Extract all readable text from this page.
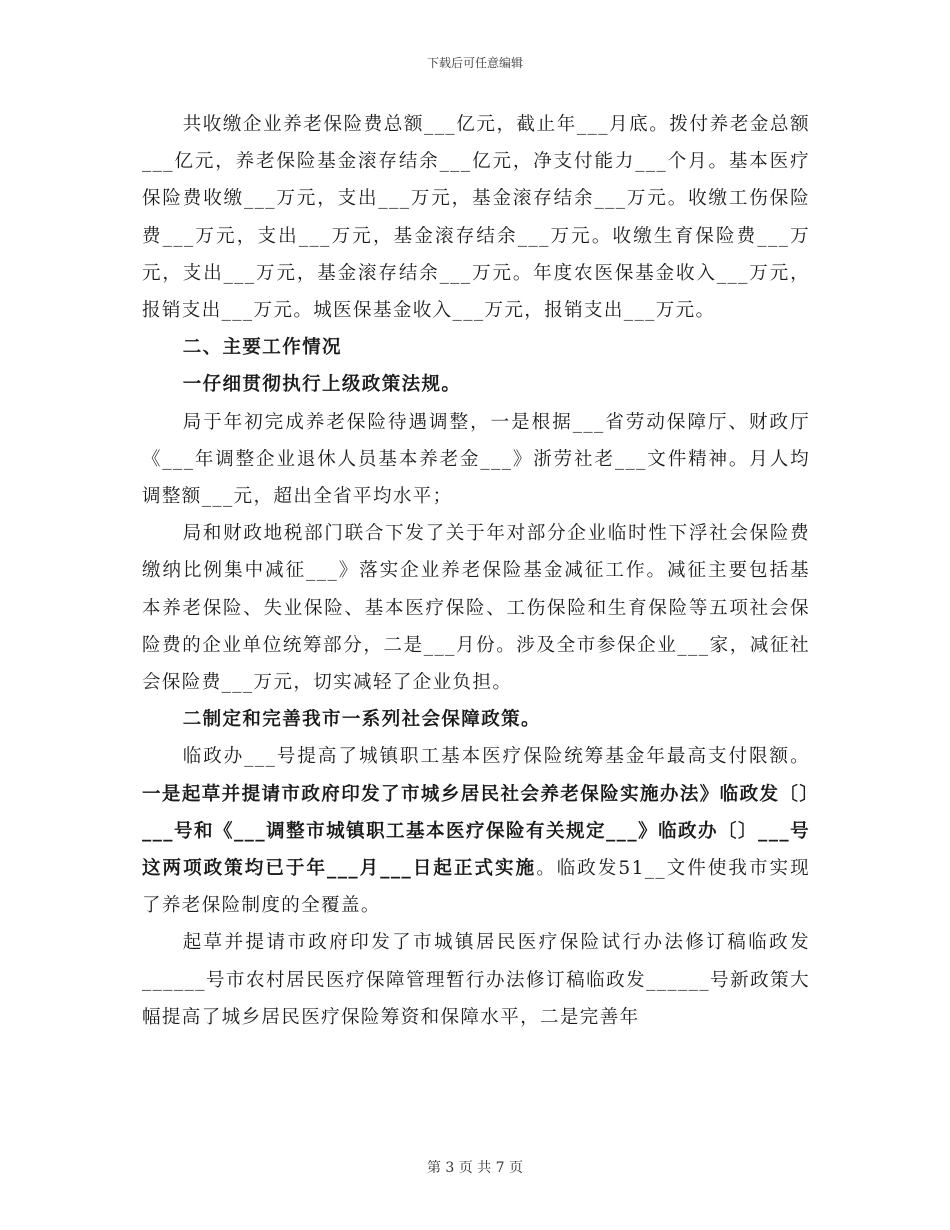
下载后可任意编辑

共收缴企业养老保险费总额___亿元，截止年___月底。拨付养老金总额___亿元，养老保险基金滚存结余___亿元，净支付能力___个月。基本医疗保险费收缴___万元，支出___万元，基金滚存结余___万元。收缴工伤保险费___万元，支出___万元，基金滚存结余___万元。收缴生育保险费___万元，支出___万元，基金滚存结余___万元。年度农医保基金收入___万元，报销支出___万元。城医保基金收入___万元，报销支出___万元。

二、主要工作情况

一仔细贯彻执行上级政策法规。

局于年初完成养老保险待遇调整，一是根据___省劳动保障厅、财政厅《___年调整企业退休人员基本养老金___》浙劳社老___文件精神。月人均调整额___元，超出全省平均水平；

局和财政地税部门联合下发了关于年对部分企业临时性下浮社会保险费缴纳比例集中减征___》落实企业养老保险基金减征工作。减征主要包括基本养老保险、失业保险、基本医疗保险、工伤保险和生育保险等五项社会保险费的企业单位统筹部分，二是___月份。涉及全市参保企业___家，减征社会保险费___万元，切实减轻了企业负担。

二制定和完善我市一系列社会保障政策。

临政办___号提高了城镇职工基本医疗保险统筹基金年最高支付限额。一是起草并提请市政府印发了市城乡居民社会养老保险实施办法》临政发〔〕___号和《___调整市城镇职工基本医疗保险有关规定___》临政办〔〕___号这两项政策均已于年___月___日起正式实施。临政发51__文件使我市实现了养老保险制度的全覆盖。

起草并提请市政府印发了市城镇居民医疗保险试行办法修订稿临政发______号市农村居民医疗保障管理暂行办法修订稿临政发______号新政策大幅提高了城乡居民医疗保险筹资和保障水平，二是完善年

第 3 页 共 7 页
